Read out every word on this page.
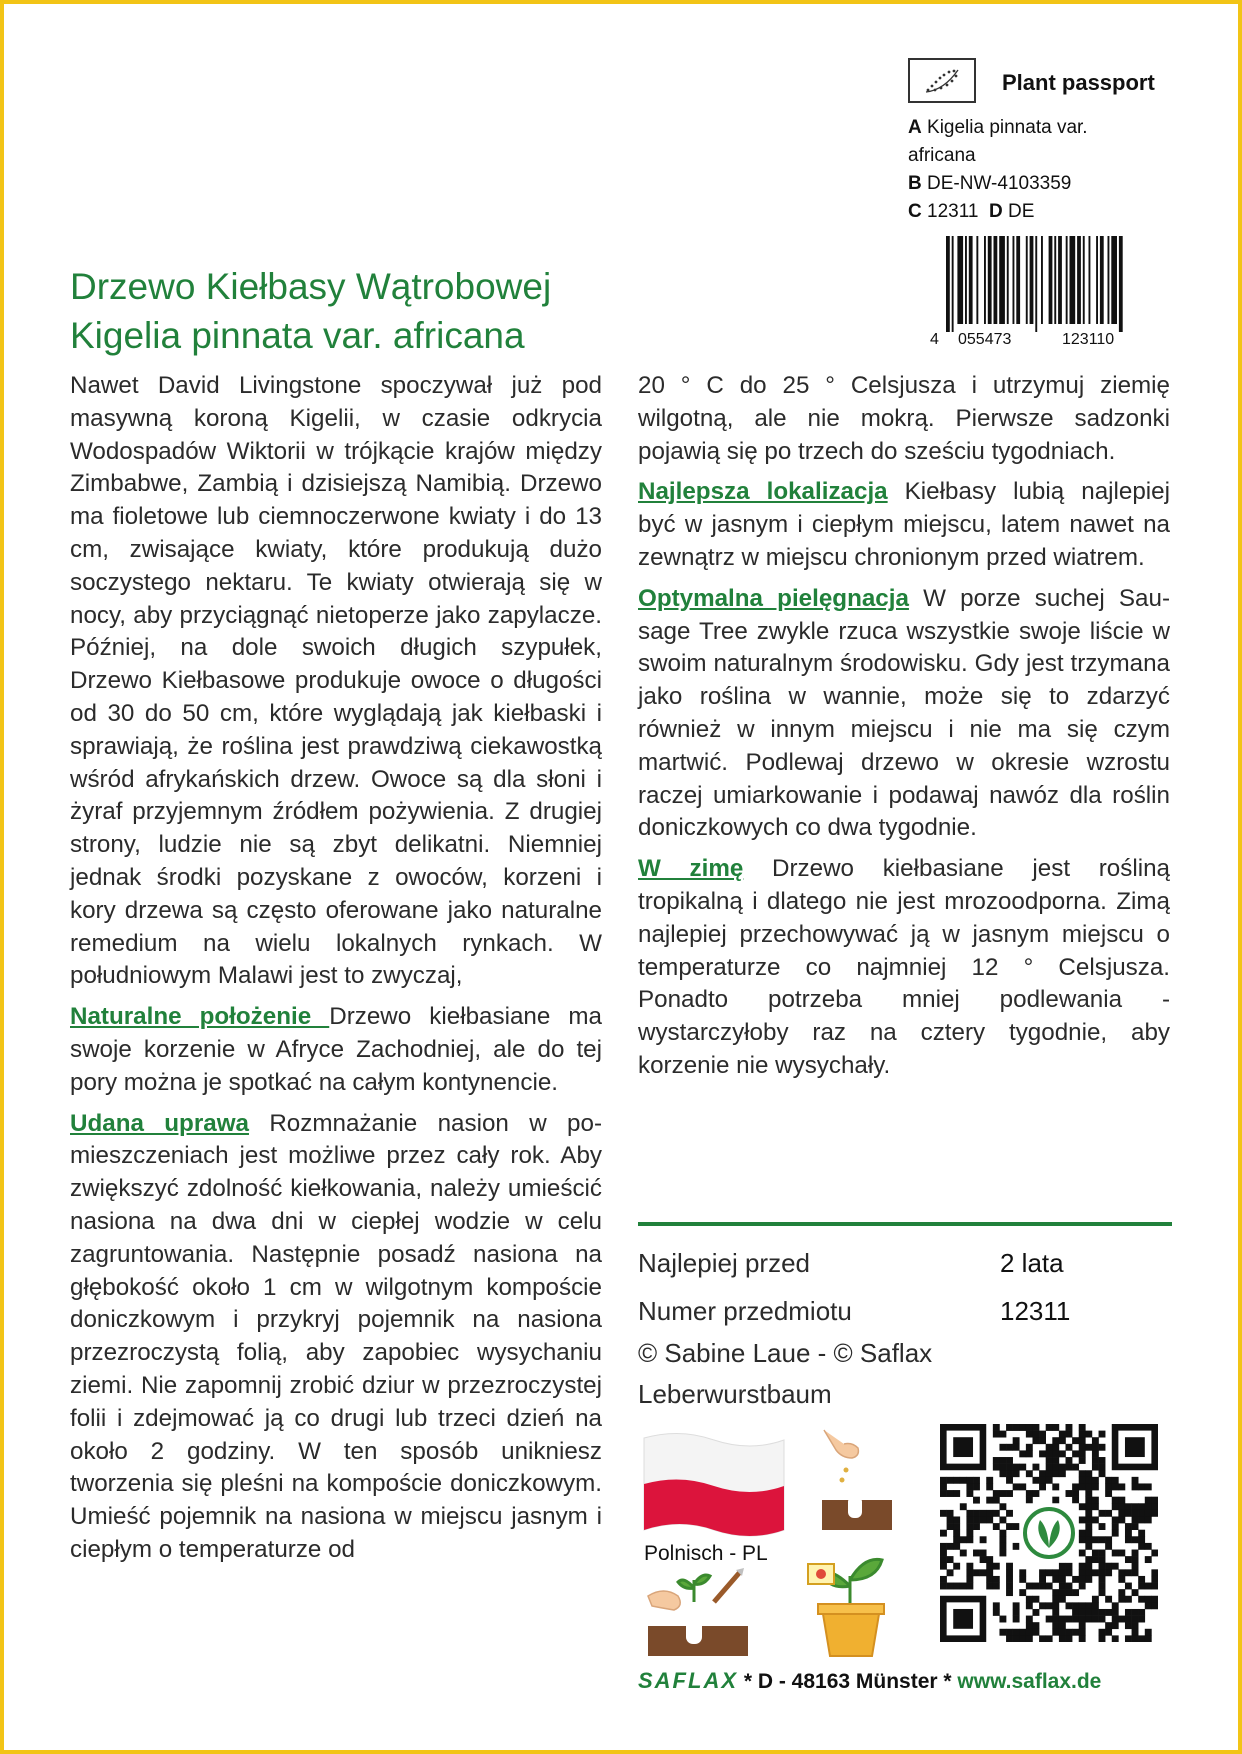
Plant passport
A Kigelia pinnata var. africana
B DE-NW-4103359
C 12311 D DE
4 055473	123110
Drzewo Kiełbasy Wątrobowej
Kigelia pinnata var. africana

Nawet David Livingstone spoczywał już pod masywną koroną Kigelii, w czasie odkrycia Wodospadów Wiktorii w trójkącie krajów między Zimbabwe, Zambią i dzisiejszą Namibią. Drzewo ma fioletowe lub ciemnoczerwone kwiaty i do 13 cm, zwisające kwiaty, które produkują dużo soczystego nektaru. Te kwiaty otwierają się w nocy, aby przyciągnąć nietoperze jako zapylacze. Później, na dole swoich długich szypułek, Drzewo Kiełbasowe produkuje owoce o długości od 30 do 50 cm, które wyglądają jak kiełbaski i sprawiają, że roślina jest prawdziwą ciekawostką wśród afrykańskich drzew. Owoce są dla słoni i żyraf przyjemnym źródłem pożywienia. Z drugiej strony, ludzie nie są zbyt delikatni. Niemniej jednak środki pozyskane z owoców, korzeni i kory drzewa są często oferowane jako naturalne remedium na wielu lokalnych rynkach. W południowym Malawi jest to zwyczaj,

Naturalne położenie Drzewo kiełbasiane ma swoje korzenie w Afryce Zachodniej, ale do tej pory można je spotkać na całym kontynencie.

Udana uprawa Rozmnażanie nasion w pomieszczeniach jest możliwe przez cały rok. Aby zwiększyć zdolność kiełkowania, należy umieścić nasiona na dwa dni w ciepłej wodzie w celu zagruntowania. Następnie posadź nasiona na głębokość około 1 cm w wilgotnym kompoście doniczkowym i przykryj pojemnik na nasiona przezroczystą folią, aby zapobiec wysychaniu ziemi. Nie zapomnij zrobić dziur w przezroczystej folii i zdejmować ją co drugi lub trzeci dzień na około 2 godziny. W ten sposób unikniesz tworzenia się pleśni na kompoście doniczkowym. Umieść pojemnik na nasiona w miejscu jasnym i ciepłym o temperaturze od

20 ° C do 25 ° Celsjusza i utrzymuj ziemię wilgotną, ale nie mokrą. Pierwsze sadzonki pojawią się po trzech do sześciu tygodniach.

Najlepsza lokalizacja Kiełbasy lubią najlepiej być w jasnym i ciepłym miejscu, latem nawet na zewnątrz w miejscu chronionym przed wiatrem.

Optymalna pielęgnacja W porze suchej Sausage Tree zwykle rzuca wszystkie swoje liście w swoim naturalnym środowisku. Gdy jest trzymana jako roślina w wannie, może się to zdarzyć również w innym miejscu i nie ma się czym martwić. Podlewaj drzewo w okresie wzrostu raczej umiarkowanie i podawaj nawóz dla roślin doniczkowych co dwa tygodnie.

W zimę Drzewo kiełbasiane jest rośliną tropikalną i dlatego nie jest mrozoodporna. Zimą najlepiej przechowywać ją w jasnym miejscu o temperaturze co najmniej 12 ° Celsjusza. Ponadto potrzeba mniej podlewania - wystarczyłoby raz na cztery tygodnie, aby korzenie nie wysychały.

Najlepiej przed	2 lata
Numer przedmiotu	12311
© Sabine Laue - © Saflax
Leberwurstbaum
Polnisch - PL
SAFLAX * D - 48163 Münster * www.saflax.de
